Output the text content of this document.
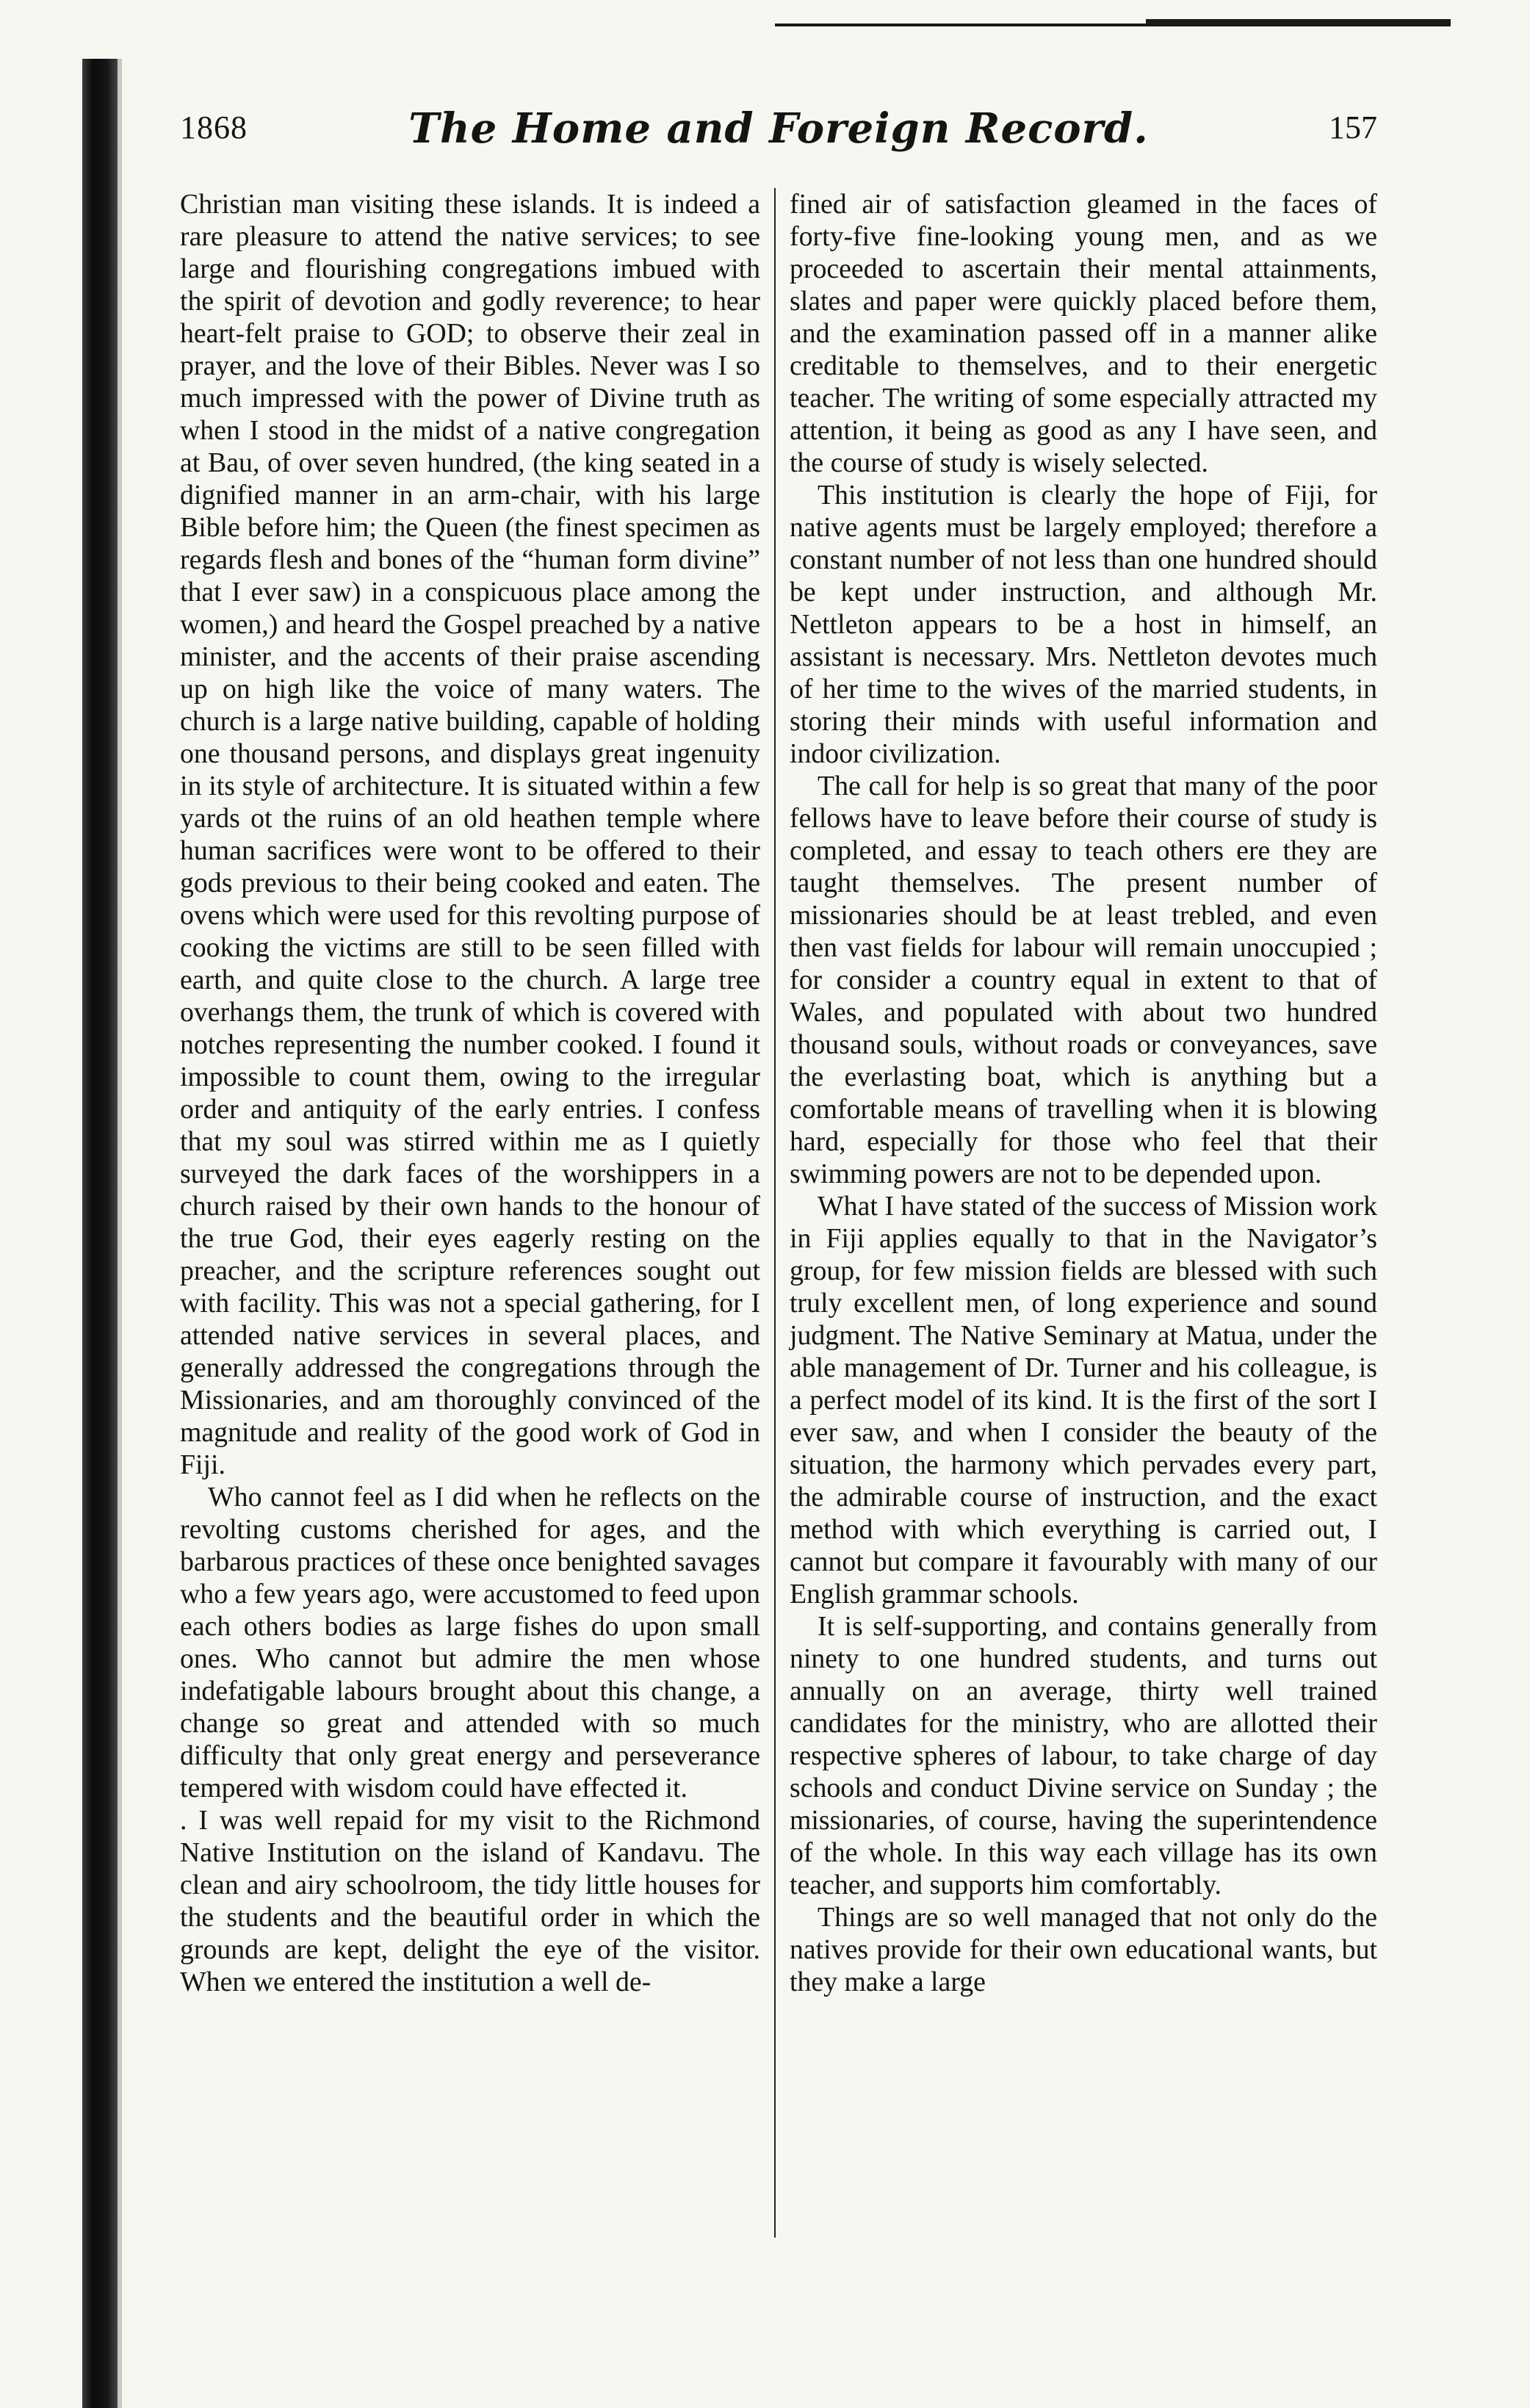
1868	The Home and Foreign Record.	157

Christian man visiting these islands. It is indeed a rare pleasure to attend the native services; to see large and flourishing congregations imbued with the spirit of devotion and godly reverence; to hear heart-felt praise to GOD; to observe their zeal in prayer, and the love of their Bibles. Never was I so much impressed with the power of Divine truth as when I stood in the midst of a native congregation at Bau, of over seven hundred, (the king seated in a dignified manner in an arm-chair, with his large Bible before him; the Queen (the finest specimen as regards flesh and bones of the “human form divine” that I ever saw) in a conspicuous place among the women,) and heard the Gospel preached by a native minister, and the accents of their praise ascending up on high like the voice of many waters. The church is a large native building, capable of holding one thousand persons, and displays great ingenuity in its style of architecture. It is situated within a few yards ot the ruins of an old heathen temple where human sacrifices were wont to be offered to their gods previous to their being cooked and eaten. The ovens which were used for this revolting purpose of cooking the victims are still to be seen filled with earth, and quite close to the church. A large tree overhangs them, the trunk of which is covered with notches representing the number cooked. I found it impossible to count them, owing to the irregular order and antiquity of the early entries. I confess that my soul was stirred within me as I quietly surveyed the dark faces of the worshippers in a church raised by their own hands to the honour of the true God, their eyes eagerly resting on the preacher, and the scripture references sought out with facility. This was not a special gathering, for I attended native services in several places, and generally addressed the congregations through the Missionaries, and am thoroughly convinced of the magnitude and reality of the good work of God in Fiji.

Who cannot feel as I did when he reflects on the revolting customs cherished for ages, and the barbarous practices of these once benighted savages who a few years ago, were accustomed to feed upon each others bodies as large fishes do upon small ones. Who cannot but admire the men whose indefatigable labours brought about this change, a change so great and attended with so much difficulty that only great energy and perseverance tempered with wisdom could have effected it.

. I was well repaid for my visit to the Richmond Native Institution on the island of Kandavu. The clean and airy schoolroom, the tidy little houses for the students and the beautiful order in which the grounds are kept, delight the eye of the visitor. When we entered the institution a well de-

fined air of satisfaction gleamed in the faces of forty-five fine-looking young men, and as we proceeded to ascertain their mental attainments, slates and paper were quickly placed before them, and the examination passed off in a manner alike creditable to themselves, and to their energetic teacher. The writing of some especially attracted my attention, it being as good as any I have seen, and the course of study is wisely selected.

This institution is clearly the hope of Fiji, for native agents must be largely employed; therefore a constant number of not less than one hundred should be kept under instruction, and although Mr. Nettleton appears to be a host in himself, an assistant is necessary. Mrs. Nettleton devotes much of her time to the wives of the married students, in storing their minds with useful information and indoor civilization.

The call for help is so great that many of the poor fellows have to leave before their course of study is completed, and essay to teach others ere they are taught themselves. The present number of missionaries should be at least trebled, and even then vast fields for labour will remain unoccupied ; for consider a country equal in extent to that of Wales, and populated with about two hundred thousand souls, without roads or conveyances, save the everlasting boat, which is anything but a comfortable means of travelling when it is blowing hard, especially for those who feel that their swimming powers are not to be depended upon.

What I have stated of the success of Mission work in Fiji applies equally to that in the Navigator’s group, for few mission fields are blessed with such truly excellent men, of long experience and sound judgment. The Native Seminary at Matua, under the able management of Dr. Turner and his colleague, is a perfect model of its kind. It is the first of the sort I ever saw, and when I consider the beauty of the situation, the harmony which pervades every part, the admirable course of instruction, and the exact method with which everything is carried out, I cannot but compare it favourably with many of our English grammar schools.

It is self-supporting, and contains generally from ninety to one hundred students, and turns out annually on an average, thirty well trained candidates for the ministry, who are allotted their respective spheres of labour, to take charge of day schools and conduct Divine service on Sunday ; the missionaries, of course, having the superintendence of the whole. In this way each village has its own teacher, and supports him comfortably.

Things are so well managed that not only do the natives provide for their own educational wants, but they make a large
